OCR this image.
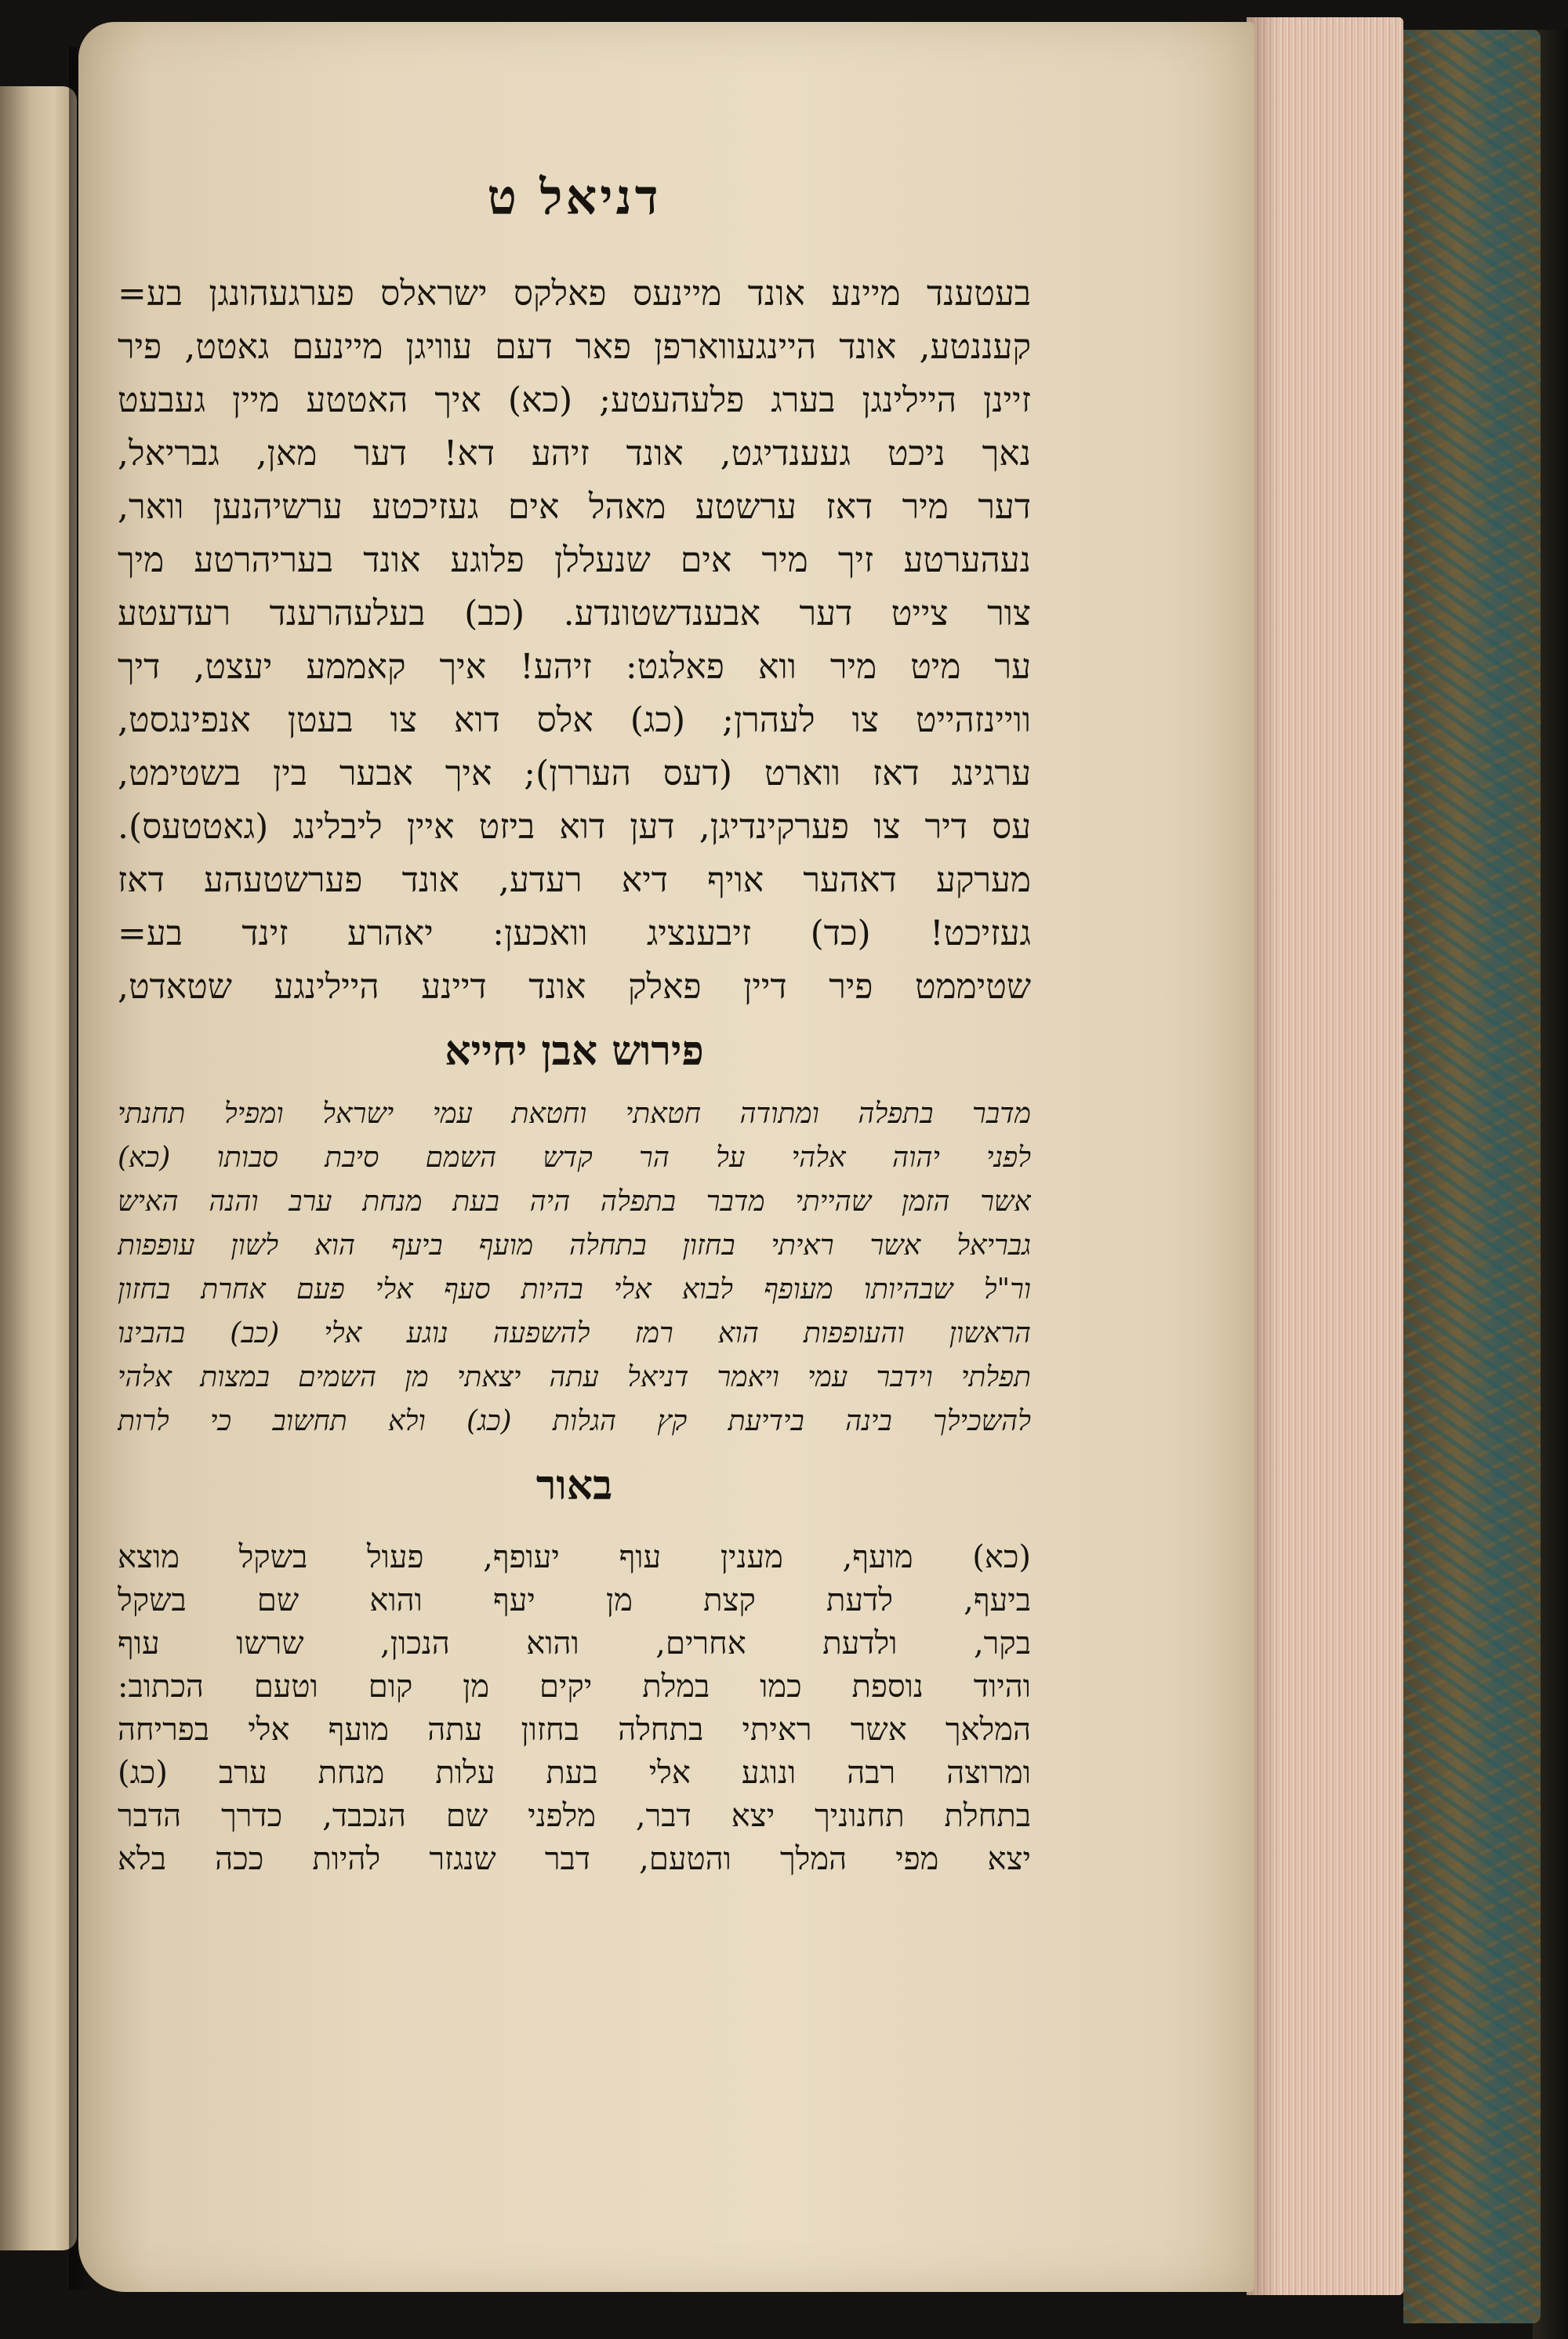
דניאל ט

בעטענד מיינע אונד מיינעס פאלקס ישראלס פערגעהונגן בע=

קעננטע, אונד היינגעווארפן פאר דעם עוויגן מיינעם גאטט, פיר

זיינן היילינגן בערג פלעהעטע; (כא) איך האטטע מיין געבעט

נאך ניכט געענדיגט, אונד זיהע דא! דער מאן, גבריאל,

דער מיר דאז ערשטע מאהל אים געזיכטע ערשיהנען וואר,

נעהערטע זיך מיר אים שנעללן פלוגע אונד בעריהרטע מיך

צור צייט דער אבענדשטונדע. (כב) בעלעהרענד רעדעטע

ער מיט מיר ווא פאלגט: זיהע! איך קאממע יעצט, דיך

וויינזהייט צו לעהרן; (כג) אלס דוא צו בעטן אנפינגסט,

ערגינג דאז ווארט (דעס העררן); איך אבער בין בשטימט,

עס דיר צו פערקינדיגן, דען דוא ביזט איין ליבלינג (גאטטעס).

מערקע דאהער אויף דיא רעדע, אונד פערשטעהע דאז

געזיכט! (כד) זיבענציג וואכען: יאהרע זינד בע=

שטיממט פיר דיין פאלק אונד דיינע היילינגע שטאדט,

פירוש אבן יחייא

מדבר בתפלה ומתודה חטאתי וחטאת עמי ישראל ומפיל תחנתי

לפני יהוה אלהי על הר קדש השמם סיבת סבותו (כא)

אשר הזמן שהייתי מדבר בתפלה היה בעת מנחת ערב והנה האיש

גבריאל אשר ראיתי בחזון בתחלה מועף ביעף הוא לשון עופפות

ור"ל שבהיותו מעופף לבוא אלי בהיות סעף אלי פעם אחרת בחזון

הראשון והעופפות הוא רמז להשפעה נוגע אלי (כב) בהבינו

תפלתי וידבר עמי ויאמר דניאל עתה יצאתי מן השמים במצות אלהי

להשכילך בינה בידיעת קץ הגלות (כג) ולא תחשוב כי לרות

באור

(כא) מועף, מענין עוף יעופף, פעול בשקל מוצא

ביעף, לדעת קצת מן יעף והוא שם בשקל

בקר, ולדעת אחרים, והוא הנכון, שרשו עוף

והיוד נוספת כמו במלת יקים מן קום וטעם הכתוב:

המלאך אשר ראיתי בתחלה בחזון עתה מועף אלי בפריחה

ומרוצה רבה ונוגע אלי בעת עלות מנחת ערב (כג)

בתחלת תחנוניך יצא דבר, מלפני שם הנכבד, כדרך הדבר

יצא מפי המלך והטעם, דבר שנגזר להיות ככה בלא
